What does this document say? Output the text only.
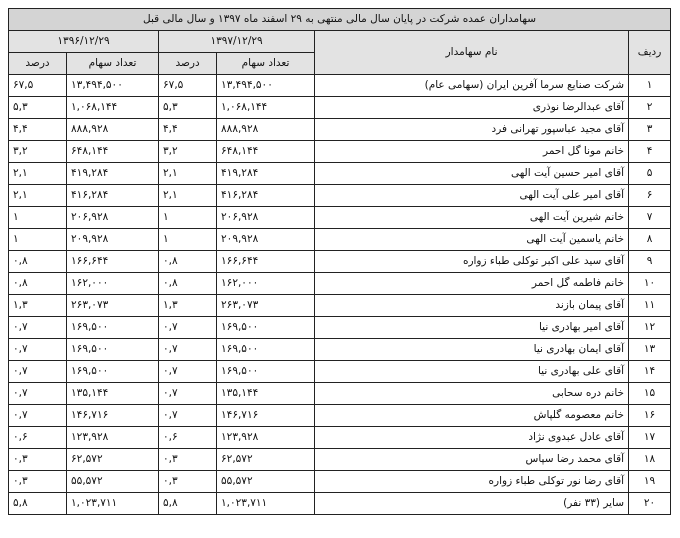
سهامداران عمده شرکت در پایان سال مالی منتهی به ۲۹ اسفند ماه ۱۳۹۷ و سال مالی قبل					
ردیف	نام سهامدار	۱۳۹۷/۱۲/۲۹		۱۳۹۶/۱۲/۲۹	
		تعداد سهام	درصد	تعداد سهام	درصد
۱	شرکت صنایع سرما آفرین ایران (سهامی عام)	۱۳,۴۹۴,۵۰۰	۶۷,۵	۱۳,۴۹۴,۵۰۰	۶۷,۵
۲	آقای عبدالرضا نوذری	۱,۰۶۸,۱۴۴	۵,۳	۱,۰۶۸,۱۴۴	۵,۳
۳	آقای مجید عباسپور تهرانی فرد	۸۸۸,۹۲۸	۴,۴	۸۸۸,۹۲۸	۴,۴
۴	خانم مونا گل احمر	۶۴۸,۱۴۴	۳,۲	۶۴۸,۱۴۴	۳,۲
۵	آقای امیر حسین آیت الهی	۴۱۹,۲۸۴	۲,۱	۴۱۹,۲۸۴	۲,۱
۶	آقای امیر علی آیت الهی	۴۱۶,۲۸۴	۲,۱	۴۱۶,۲۸۴	۲,۱
۷	خانم شیرین آیت الهی	۲۰۶,۹۲۸	۱	۲۰۶,۹۲۸	۱
۸	خانم یاسمین آیت الهی	۲۰۹,۹۲۸	۱	۲۰۹,۹۲۸	۱
۹	آقای سید علی اکبر توکلی طباء زواره	۱۶۶,۶۴۴	۰,۸	۱۶۶,۶۴۴	۰,۸
۱۰	خانم فاطمه گل احمر	۱۶۲,۰۰۰	۰,۸	۱۶۲,۰۰۰	۰,۸
۱۱	آقای پیمان بازند	۲۶۳,۰۷۳	۱,۳	۲۶۳,۰۷۳	۱,۳
۱۲	آقای امیر بهادری نیا	۱۶۹,۵۰۰	۰,۷	۱۶۹,۵۰۰	۰,۷
۱۳	آقای ایمان بهادری نیا	۱۶۹,۵۰۰	۰,۷	۱۶۹,۵۰۰	۰,۷
۱۴	آقای علی بهادری نیا	۱۶۹,۵۰۰	۰,۷	۱۶۹,۵۰۰	۰,۷
۱۵	خانم دره سحابی	۱۳۵,۱۴۴	۰,۷	۱۳۵,۱۴۴	۰,۷
۱۶	خانم معصومه گلپاش	۱۴۶,۷۱۶	۰,۷	۱۴۶,۷۱۶	۰,۷
۱۷	آقای عادل عبدوی نژاد	۱۲۳,۹۲۸	۰,۶	۱۲۳,۹۲۸	۰,۶
۱۸	آقای محمد رضا سپاس	۶۲,۵۷۲	۰,۳	۶۲,۵۷۲	۰,۳
۱۹	آقای رضا نور توکلی طباء زواره	۵۵,۵۷۲	۰,۳	۵۵,۵۷۲	۰,۳
۲۰	سایر (۳۳ نفر)	۱,۰۲۳,۷۱۱	۵,۸	۱,۰۲۳,۷۱۱	۵,۸
